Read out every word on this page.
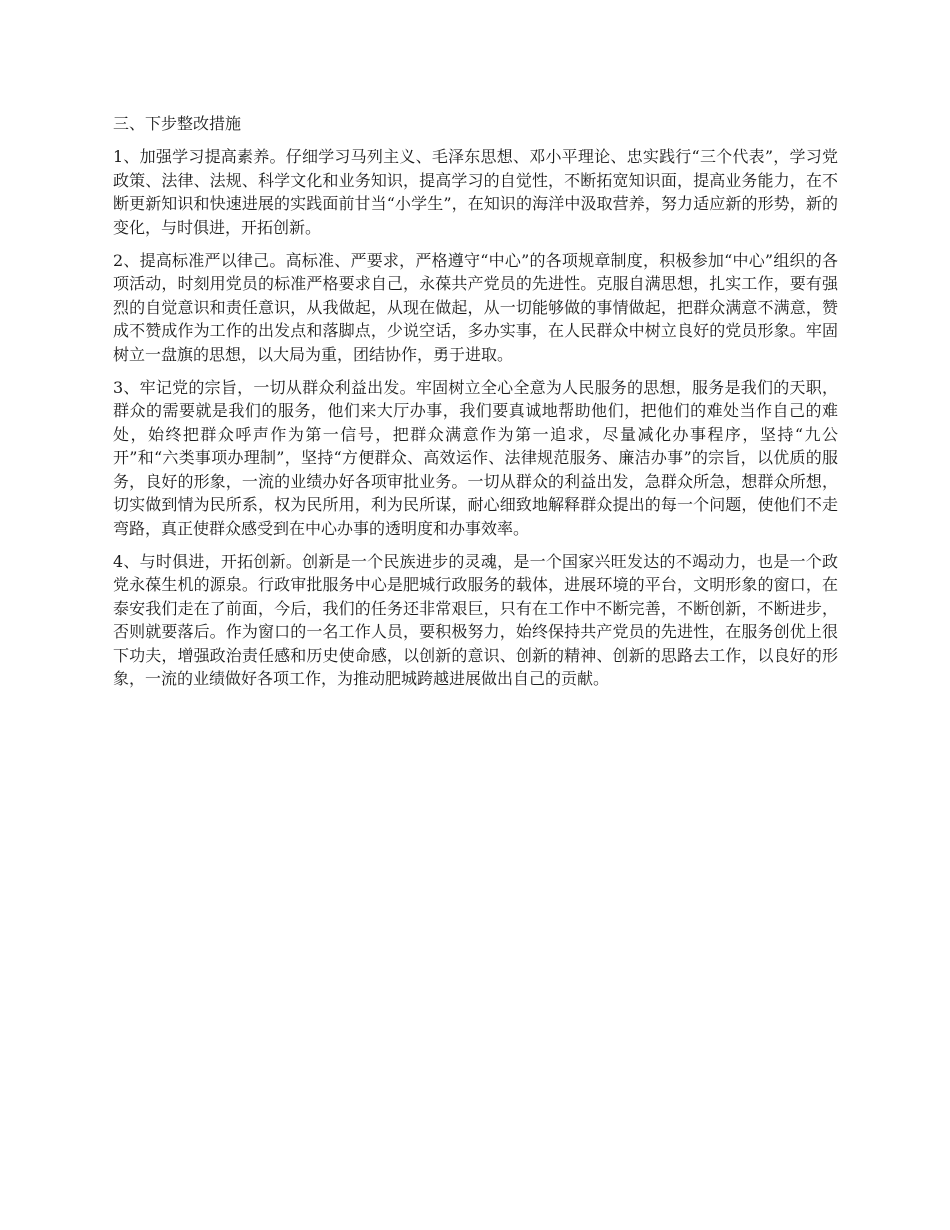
三、下步整改措施

1、加强学习提高素养。仔细学习马列主义、毛泽东思想、邓小平理论、忠实践行“三个代表”，学习党政策、法律、法规、科学文化和业务知识，提高学习的自觉性，不断拓宽知识面，提高业务能力，在不断更新知识和快速进展的实践面前甘当“小学生”，在知识的海洋中汲取营养，努力适应新的形势，新的变化，与时俱进，开拓创新。

2、提高标准严以律己。高标准、严要求，严格遵守“中心”的各项规章制度，积极参加“中心”组织的各项活动，时刻用党员的标准严格要求自己，永葆共产党员的先进性。克服自满思想，扎实工作，要有强烈的自觉意识和责任意识，从我做起，从现在做起，从一切能够做的事情做起，把群众满意不满意，赞成不赞成作为工作的出发点和落脚点，少说空话，多办实事，在人民群众中树立良好的党员形象。牢固树立一盘旗的思想，以大局为重，团结协作，勇于进取。

3、牢记党的宗旨，一切从群众利益出发。牢固树立全心全意为人民服务的思想，服务是我们的天职，群众的需要就是我们的服务，他们来大厅办事，我们要真诚地帮助他们，把他们的难处当作自己的难处，始终把群众呼声作为第一信号，把群众满意作为第一追求，尽量减化办事程序，坚持“九公开”和“六类事项办理制”，坚持“方便群众、高效运作、法律规范服务、廉洁办事”的宗旨，以优质的服务，良好的形象，一流的业绩办好各项审批业务。一切从群众的利益出发，急群众所急，想群众所想，切实做到情为民所系，权为民所用，利为民所谋，耐心细致地解释群众提出的每一个问题，使他们不走弯路，真正使群众感受到在中心办事的透明度和办事效率。

4、与时俱进，开拓创新。创新是一个民族进步的灵魂，是一个国家兴旺发达的不竭动力，也是一个政党永葆生机的源泉。行政审批服务中心是肥城行政服务的载体，进展环境的平台，文明形象的窗口，在泰安我们走在了前面，今后，我们的任务还非常艰巨，只有在工作中不断完善，不断创新，不断进步，否则就要落后。作为窗口的一名工作人员，要积极努力，始终保持共产党员的先进性，在服务创优上很下功夫，增强政治责任感和历史使命感，以创新的意识、创新的精神、创新的思路去工作，以良好的形象，一流的业绩做好各项工作，为推动肥城跨越进展做出自己的贡献。
